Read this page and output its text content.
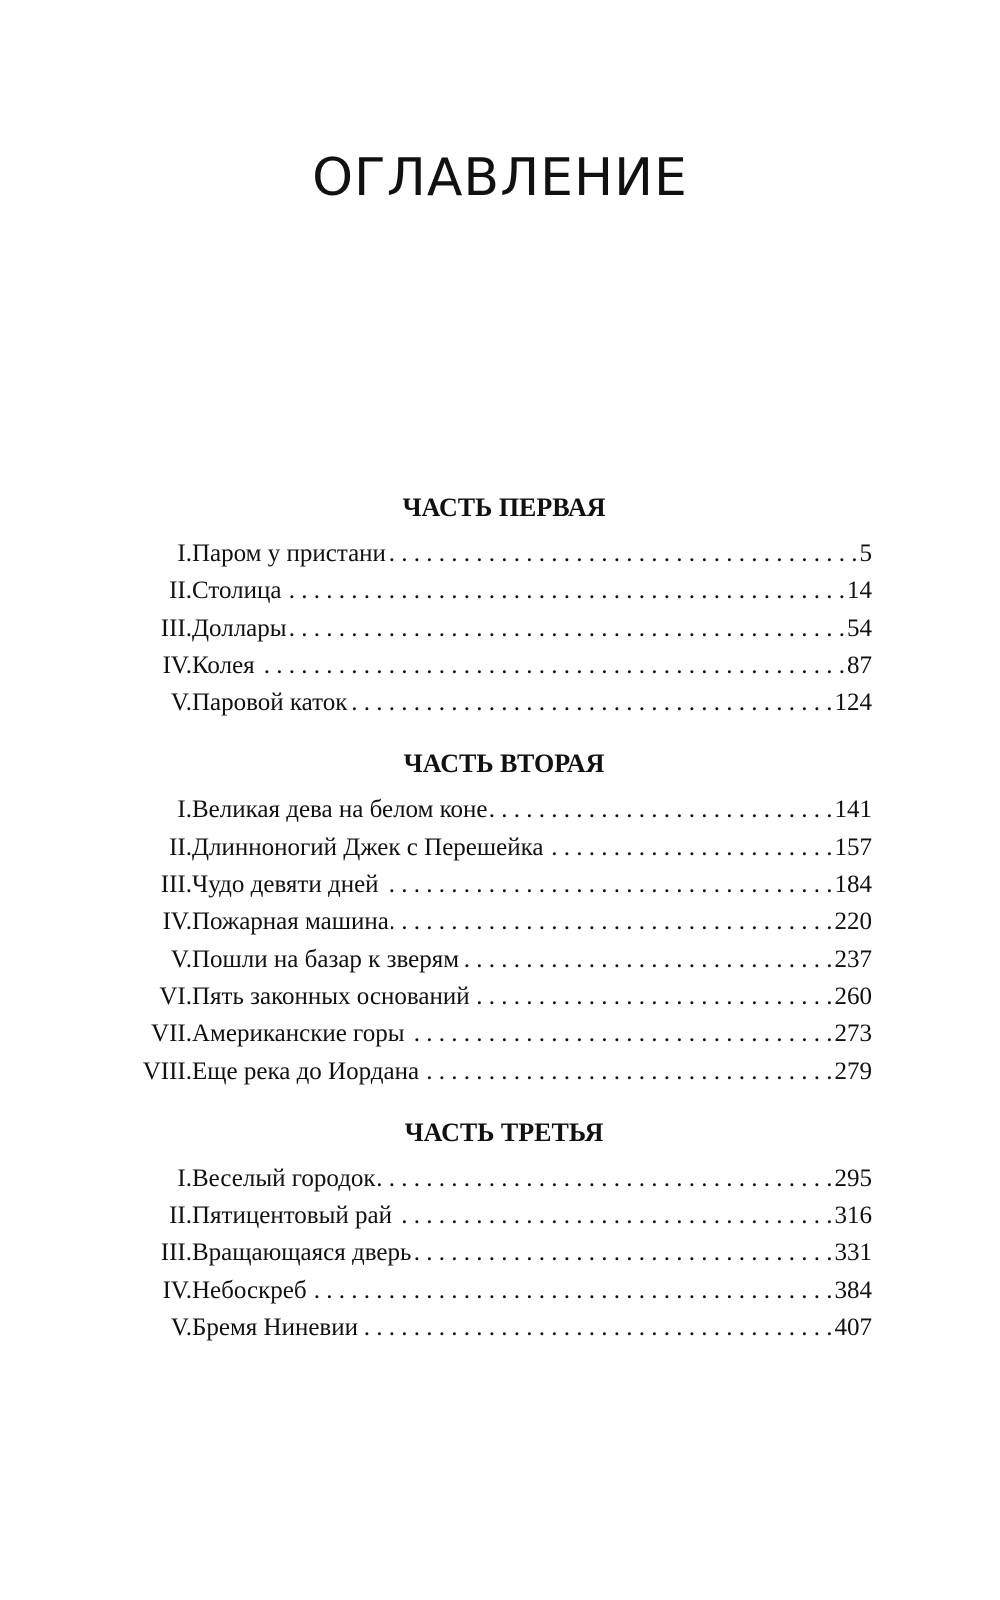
ОГЛАВЛЕНИЕ
ЧАСТЬ ПЕРВАЯ
I. Паром у пристани . . .	5
II. Столица . . .	14
III. Доллары . . .	54
IV. Колея . . .	87
V. Паровой каток . . .	124
ЧАСТЬ ВТОРАЯ
I. Великая дева на белом коне . . .	141
II. Длинноногий Джек с Перешейка . . .	157
III. Чудо девяти дней . . .	184
IV. Пожарная машина . . .	220
V. Пошли на базар к зверям . . .	237
VI. Пять законных оснований . . .	260
VII. Американские горы . . .	273
VIII. Еще река до Иордана . . .	279
ЧАСТЬ ТРЕТЬЯ
I. Веселый городок . . .	295
II. Пятицентовый рай . . .	316
III. Вращающаяся дверь . . .	331
IV. Небоскреб . . .	384
V. Бремя Ниневии . . .	407
